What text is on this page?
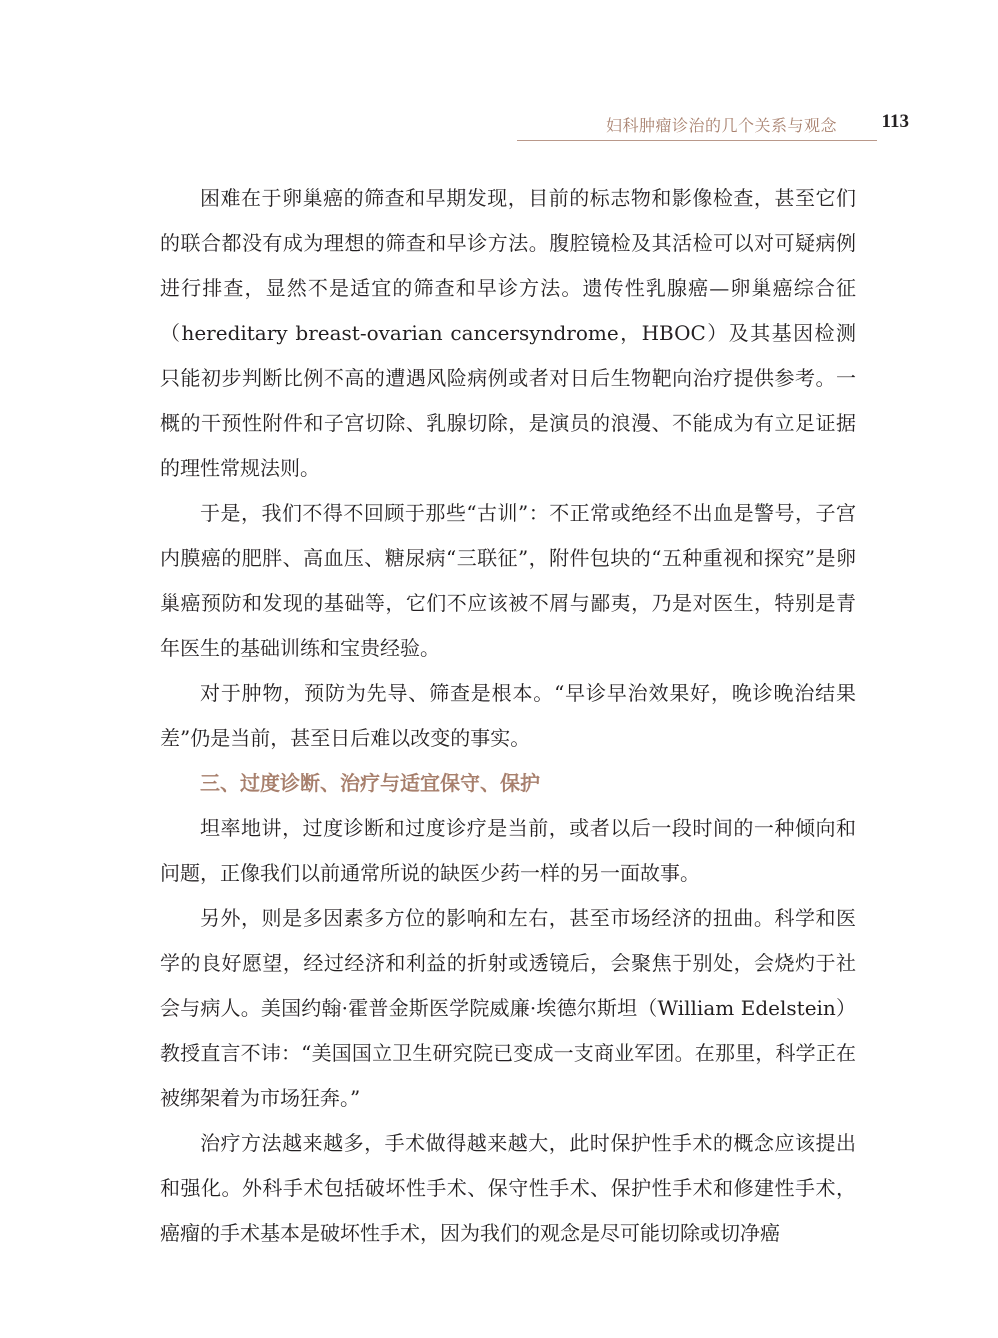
妇科肿瘤诊治的几个关系与观念 113

困难在于卵巢癌的筛查和早期发现，目前的标志物和影像检查，甚至它们的联合都没有成为理想的筛查和早诊方法。腹腔镜检及其活检可以对可疑病例进行排查，显然不是适宜的筛查和早诊方法。遗传性乳腺癌—卵巢癌综合征（hereditary breast-ovarian cancersyndrome，HBOC）及其基因检测只能初步判断比例不高的遭遇风险病例或者对日后生物靶向治疗提供参考。一概的干预性附件和子宫切除、乳腺切除，是演员的浪漫、不能成为有立足证据的理性常规法则。

于是，我们不得不回顾于那些“古训”：不正常或绝经不出血是警号，子宫内膜癌的肥胖、高血压、糖尿病“三联征”，附件包块的“五种重视和探究”是卵巢癌预防和发现的基础等，它们不应该被不屑与鄙夷，乃是对医生，特别是青年医生的基础训练和宝贵经验。

对于肿物，预防为先导、筛查是根本。“早诊早治效果好，晚诊晚治结果差”仍是当前，甚至日后难以改变的事实。

三、过度诊断、治疗与适宜保守、保护

坦率地讲，过度诊断和过度诊疗是当前，或者以后一段时间的一种倾向和问题，正像我们以前通常所说的缺医少药一样的另一面故事。

另外，则是多因素多方位的影响和左右，甚至市场经济的扭曲。科学和医学的良好愿望，经过经济和利益的折射或透镜后，会聚焦于别处，会烧灼于社会与病人。美国约翰·霍普金斯医学院威廉·埃德尔斯坦（William Edelstein）教授直言不讳：“美国国立卫生研究院已变成一支商业军团。在那里，科学正在被绑架着为市场狂奔。”

治疗方法越来越多，手术做得越来越大，此时保护性手术的概念应该提出和强化。外科手术包括破坏性手术、保守性手术、保护性手术和修建性手术，癌瘤的手术基本是破坏性手术，因为我们的观念是尽可能切除或切净癌
